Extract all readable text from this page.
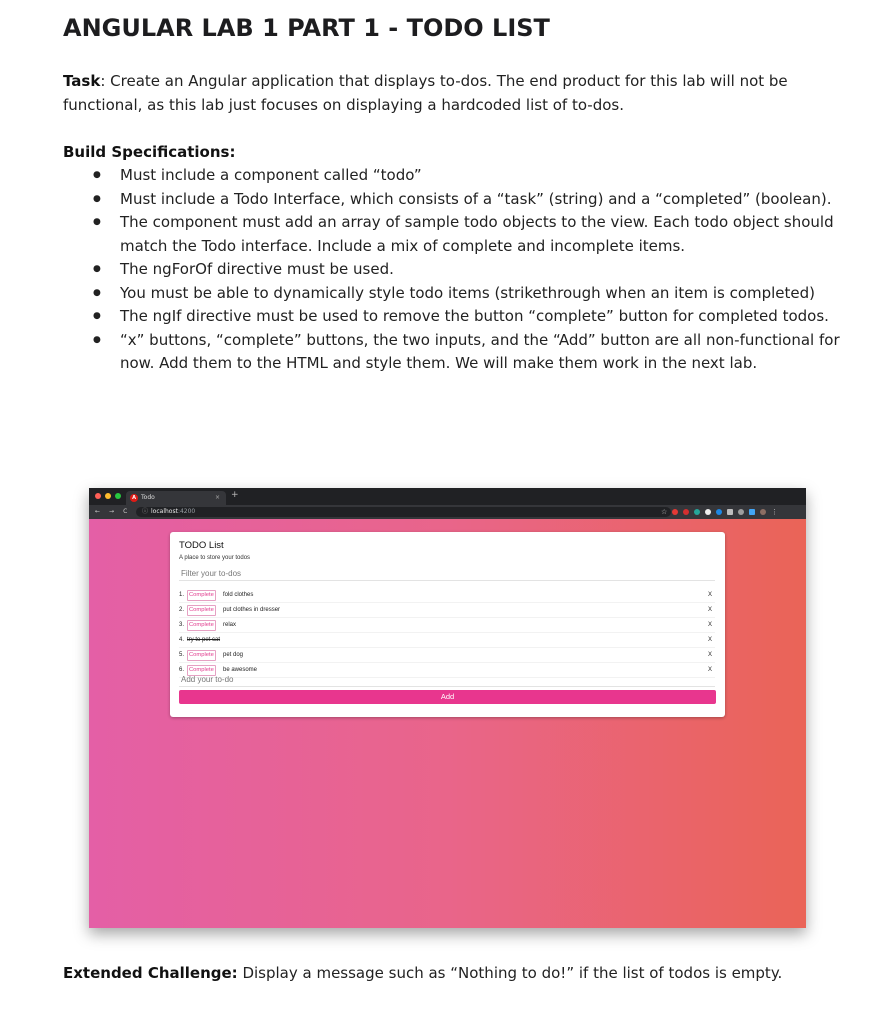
ANGULAR LAB 1 PART 1 - TODO LIST
Task: Create an Angular application that displays to-dos. The end product for this lab will not be functional, as this lab just focuses on displaying a hardcoded list of to-dos.
Build Specifications:
● Must include a component called “todo”
● Must include a Todo Interface, which consists of a “task” (string) and a “completed” (boolean).
● The component must add an array of sample todo objects to the view. Each todo object should match the Todo interface. Include a mix of complete and incomplete items.
● The ngForOf directive must be used.
● You must be able to dynamically style todo items (strikethrough when an item is completed)
● The ngIf directive must be used to remove the button “complete” button for completed todos.
● “x” buttons, “complete” buttons, the two inputs, and the “Add” button are all non-functional for now. Add them to the HTML and style them. We will make them work in the next lab.
A Todo	× +
← → C	ⓘ localhost:4200	☆	⋮
TODO List
A place to store your todos
Filter your to-dos
1. Complete	fold clothes	X
2. Complete	put clothes in dresser	X
3. Complete	relax	X
4. try to pet cat	X
5. Complete	pet dog	X
6. Complete	be awesome	X
Add your to-do
Add
Extended Challenge: Display a message such as “Nothing to do!” if the list of todos is empty.
